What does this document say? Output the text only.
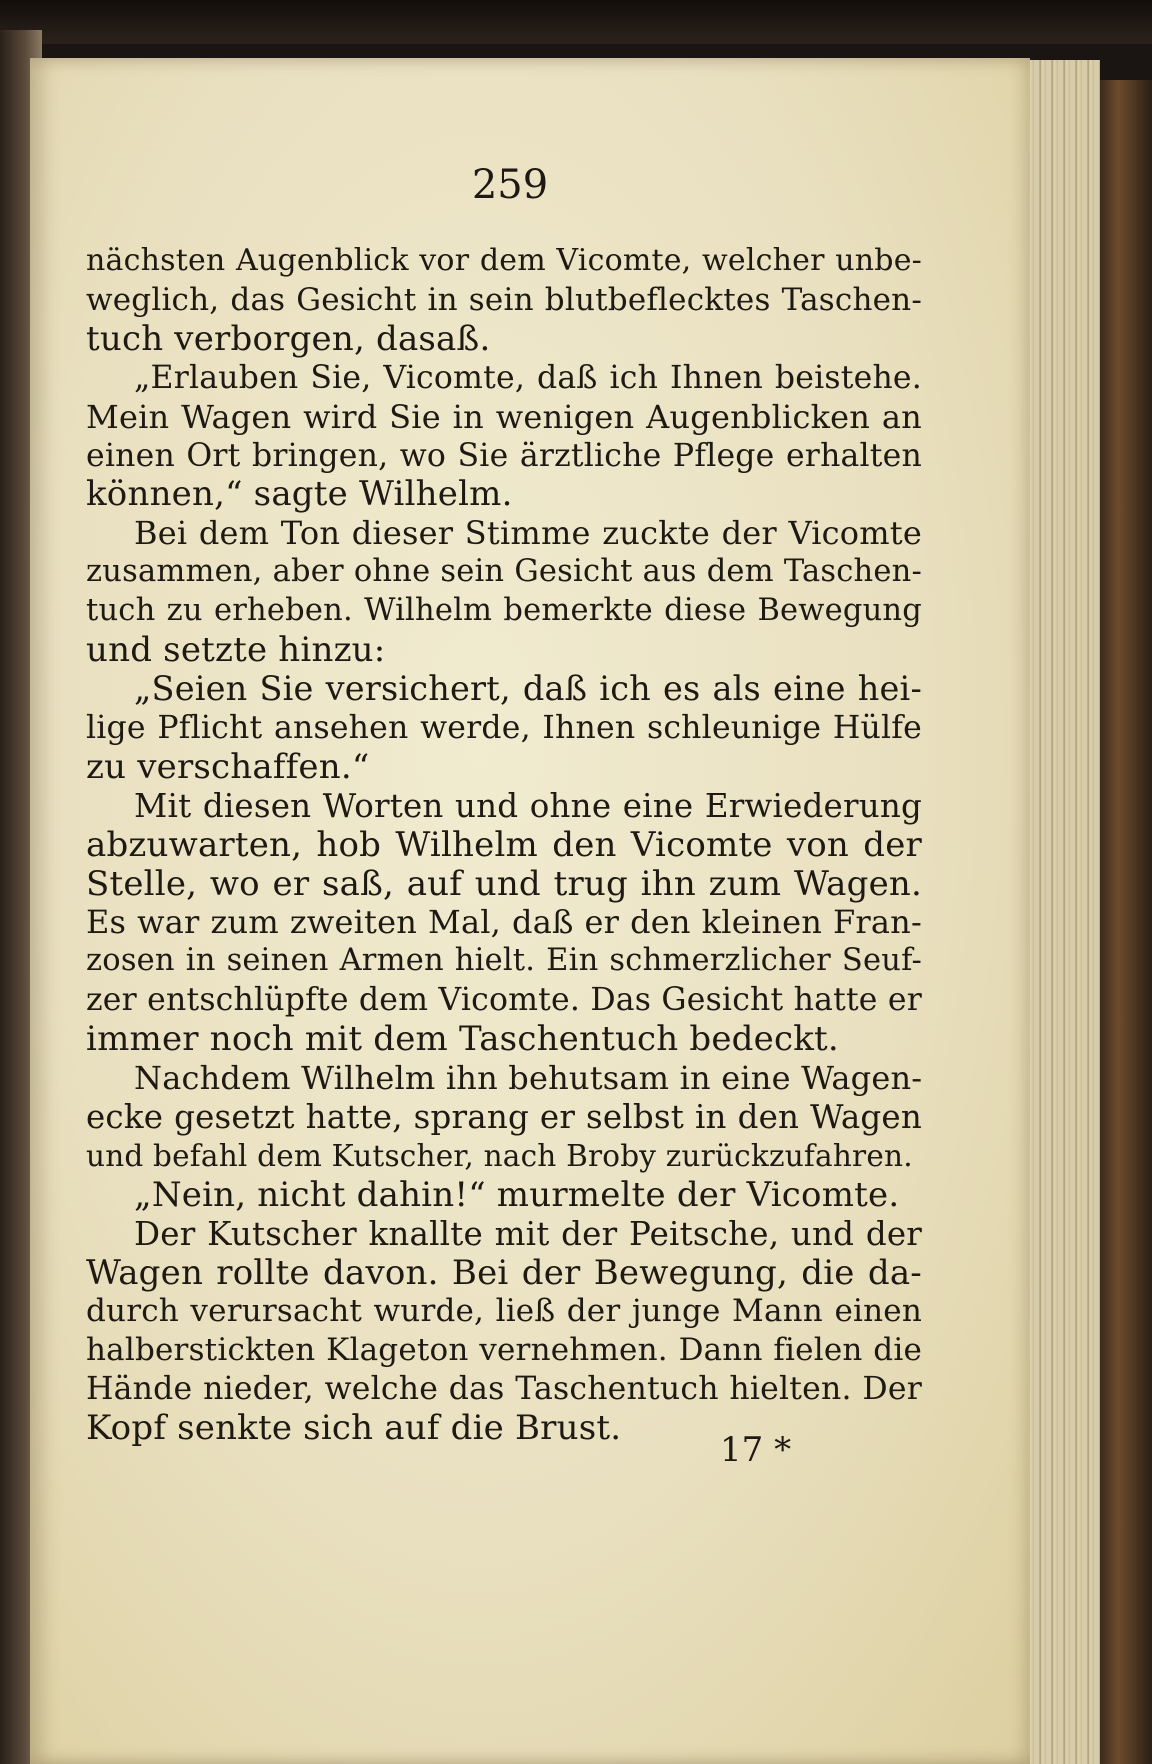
259
nächsten Augenblick vor dem Vicomte, welcher unbe-
weglich, das Gesicht in sein blutbeflecktes Taschen-
tuch verborgen, dasaß.
„Erlauben Sie, Vicomte, daß ich Ihnen beistehe.
Mein Wagen wird Sie in wenigen Augenblicken an
einen Ort bringen, wo Sie ärztliche Pflege erhalten
können,“ sagte Wilhelm.
Bei dem Ton dieser Stimme zuckte der Vicomte
zusammen, aber ohne sein Gesicht aus dem Taschen-
tuch zu erheben. Wilhelm bemerkte diese Bewegung
und setzte hinzu:
„Seien Sie versichert, daß ich es als eine hei-
lige Pflicht ansehen werde, Ihnen schleunige Hülfe
zu verschaffen.“
Mit diesen Worten und ohne eine Erwiederung
abzuwarten, hob Wilhelm den Vicomte von der
Stelle, wo er saß, auf und trug ihn zum Wagen.
Es war zum zweiten Mal, daß er den kleinen Fran-
zosen in seinen Armen hielt. Ein schmerzlicher Seuf-
zer entschlüpfte dem Vicomte. Das Gesicht hatte er
immer noch mit dem Taschentuch bedeckt.
Nachdem Wilhelm ihn behutsam in eine Wagen-
ecke gesetzt hatte, sprang er selbst in den Wagen
und befahl dem Kutscher, nach Broby zurückzufahren.
„Nein, nicht dahin!“ murmelte der Vicomte.
Der Kutscher knallte mit der Peitsche, und der
Wagen rollte davon. Bei der Bewegung, die da-
durch verursacht wurde, ließ der junge Mann einen
halberstickten Klageton vernehmen. Dann fielen die
Hände nieder, welche das Taschentuch hielten. Der
Kopf senkte sich auf die Brust.
17 *
